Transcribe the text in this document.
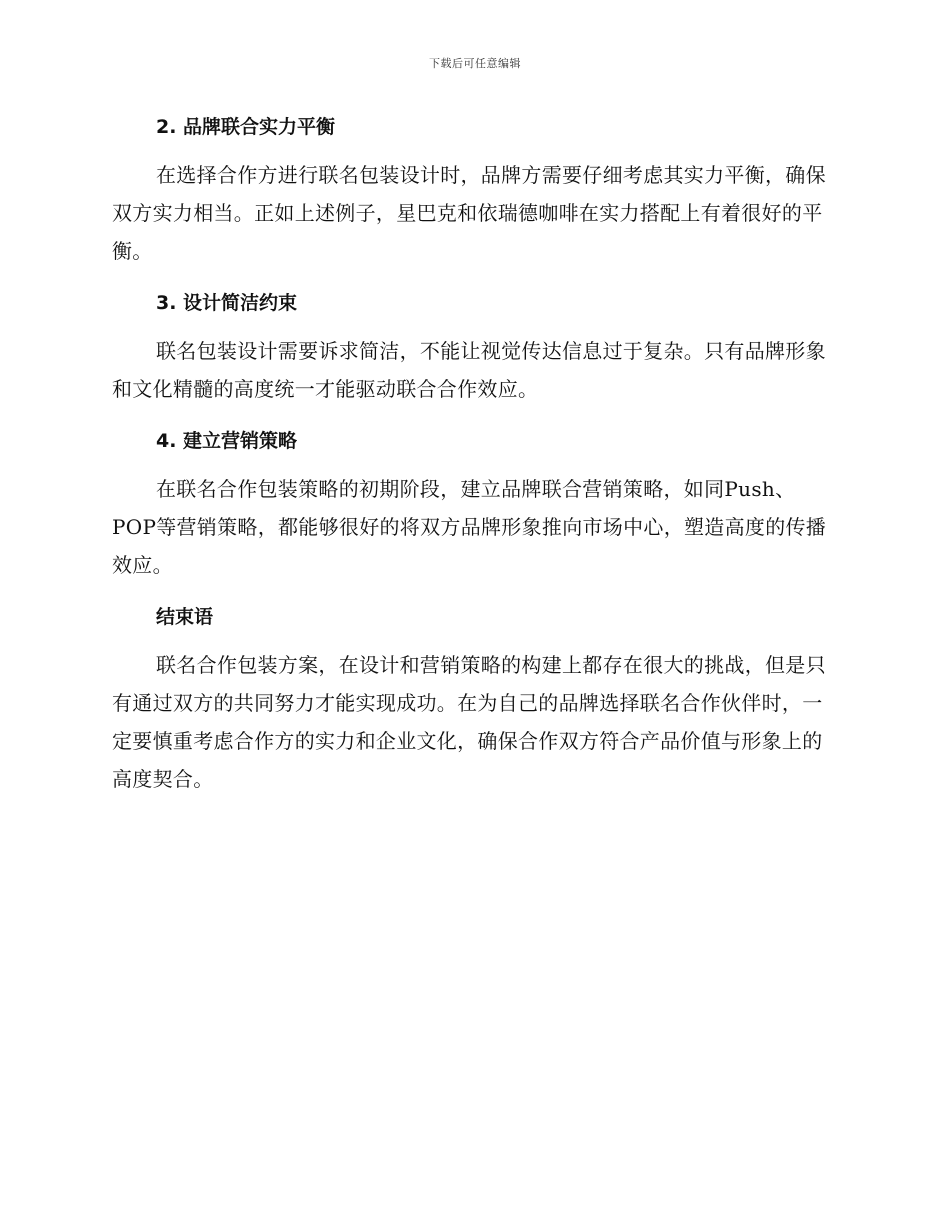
下载后可任意编辑
2. 品牌联合实力平衡

在选择合作方进行联名包装设计时，品牌方需要仔细考虑其实力平衡，确保双方实力相当。正如上述例子，星巴克和依瑞德咖啡在实力搭配上有着很好的平衡。

3. 设计简洁约束

联名包装设计需要诉求简洁，不能让视觉传达信息过于复杂。只有品牌形象和文化精髓的高度统一才能驱动联合合作效应。

4. 建立营销策略

在联名合作包装策略的初期阶段，建立品牌联合营销策略，如同Push、POP等营销策略，都能够很好的将双方品牌形象推向市场中心，塑造高度的传播效应。

结束语

联名合作包装方案，在设计和营销策略的构建上都存在很大的挑战，但是只有通过双方的共同努力才能实现成功。在为自己的品牌选择联名合作伙伴时，一定要慎重考虑合作方的实力和企业文化，确保合作双方符合产品价值与形象上的高度契合。
